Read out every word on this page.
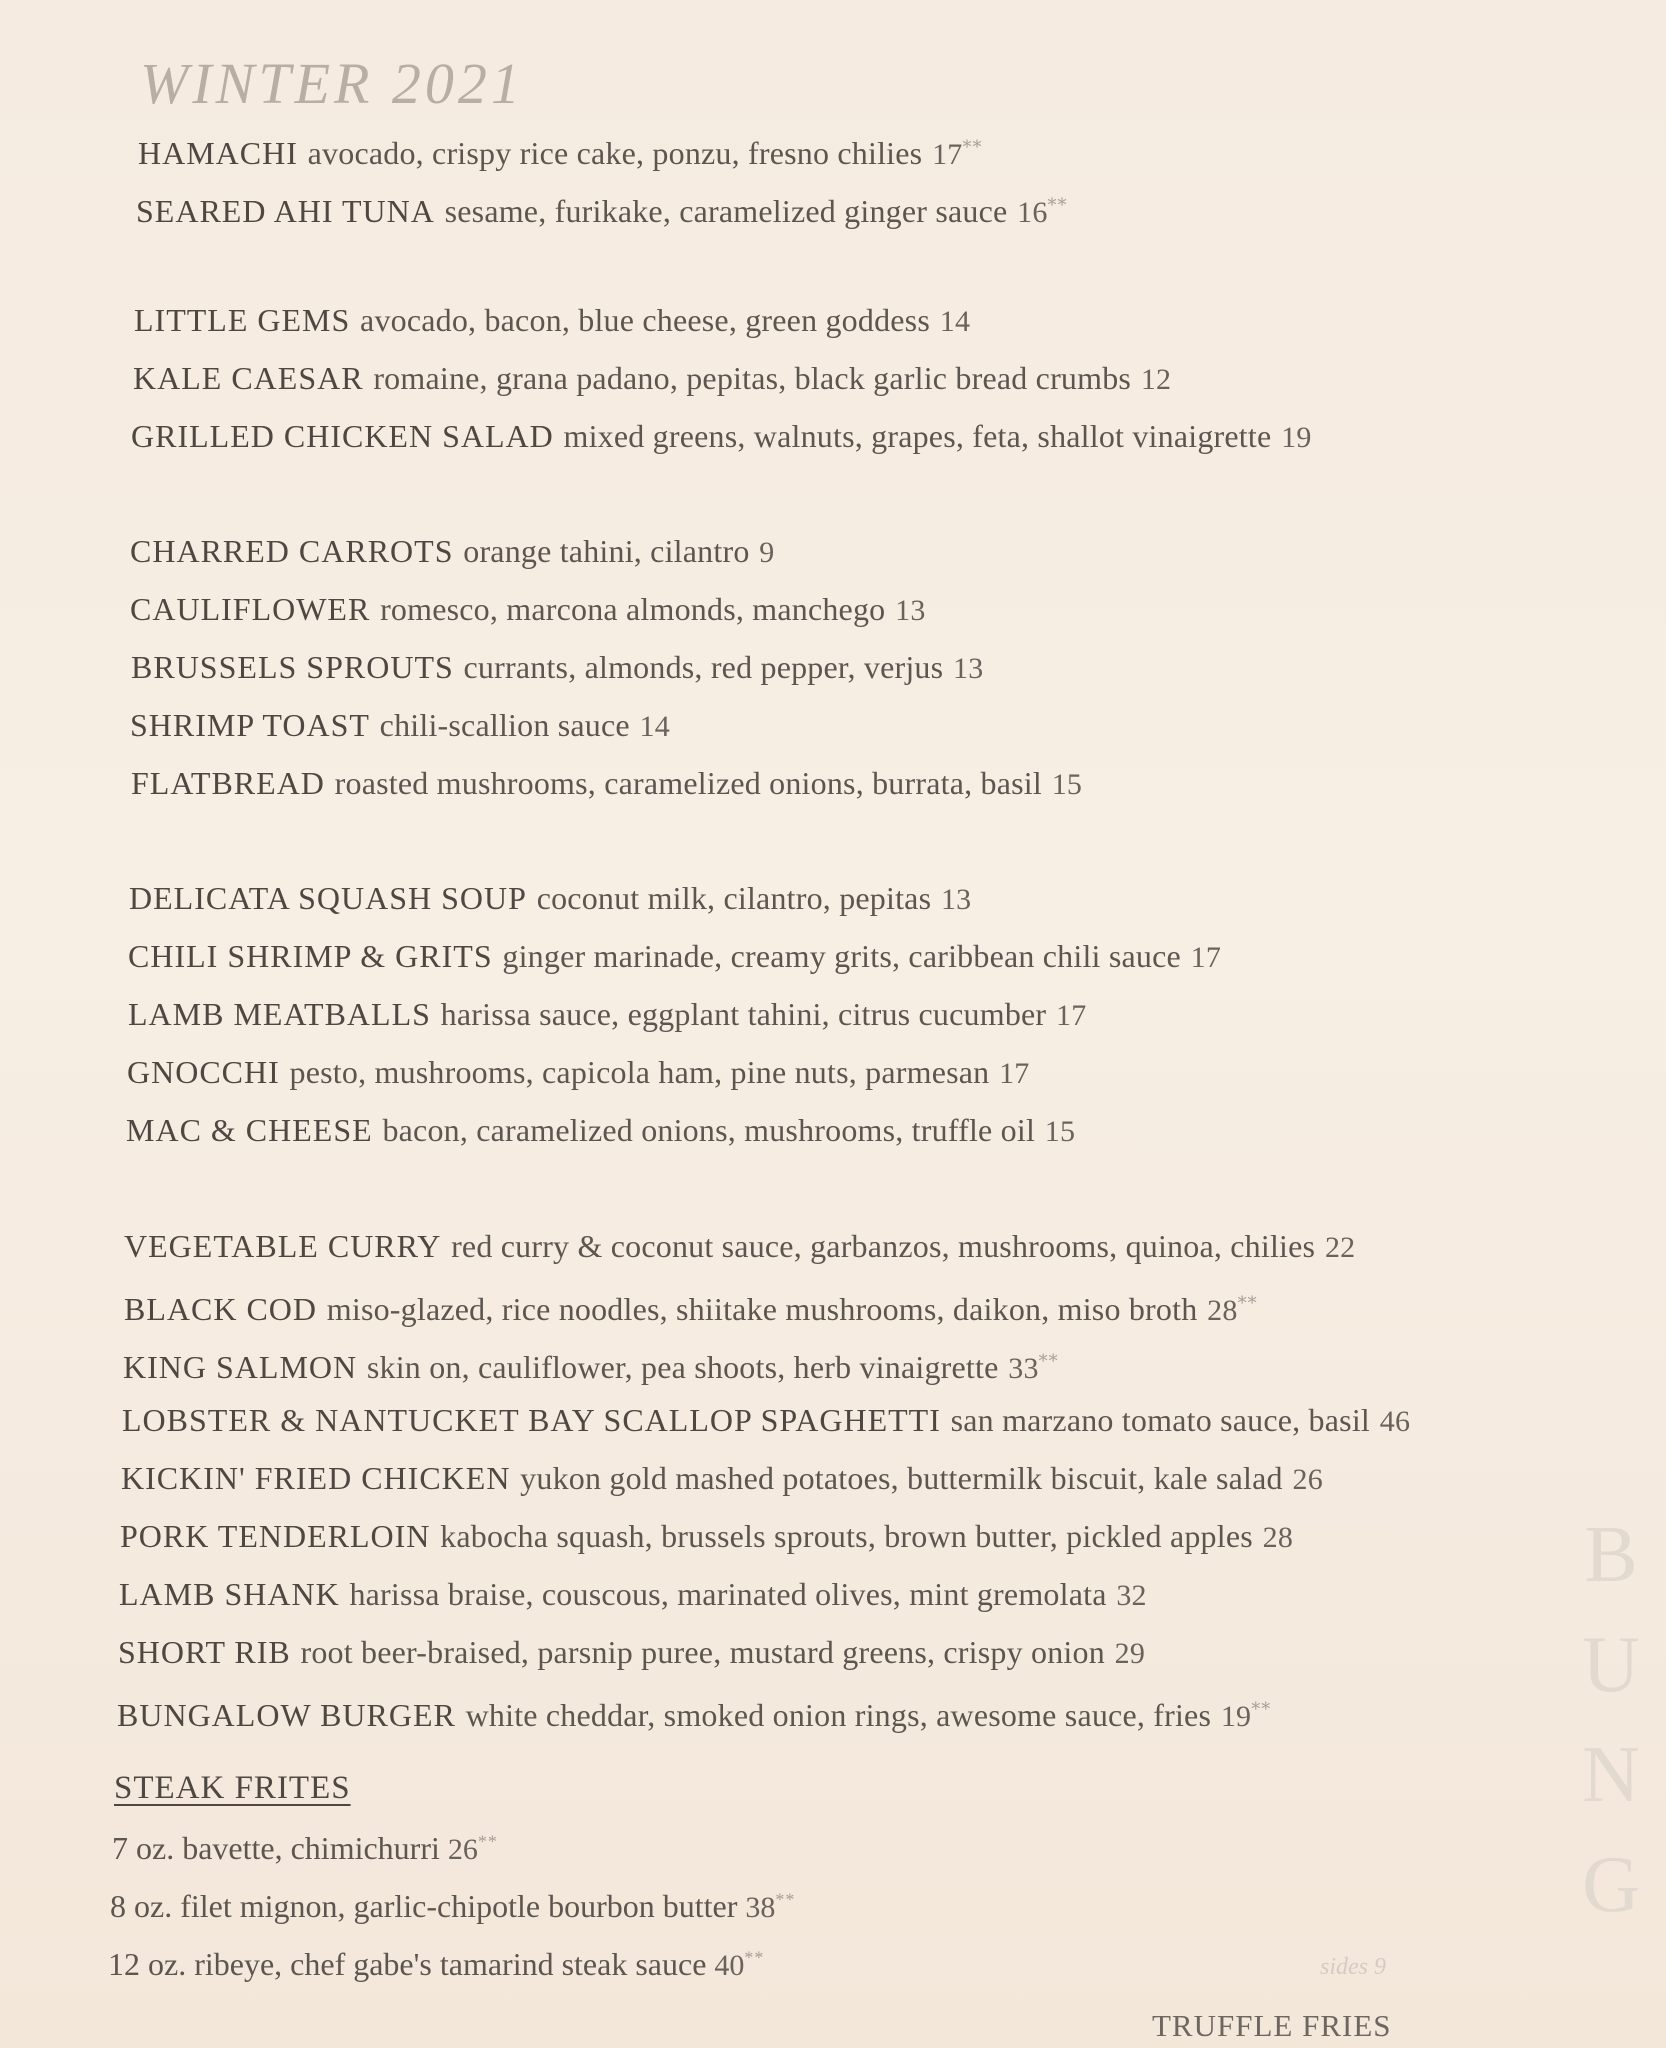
WINTER 2021
HAMACHI avocado, crispy rice cake, ponzu, fresno chilies 17**
SEARED AHI TUNA sesame, furikake, caramelized ginger sauce 16**
LITTLE GEMS avocado, bacon, blue cheese, green goddess 14
KALE CAESAR romaine, grana padano, pepitas, black garlic bread crumbs 12
GRILLED CHICKEN SALAD mixed greens, walnuts, grapes, feta, shallot vinaigrette 19
CHARRED CARROTS orange tahini, cilantro 9
CAULIFLOWER romesco, marcona almonds, manchego 13
BRUSSELS SPROUTS currants, almonds, red pepper, verjus 13
SHRIMP TOAST chili-scallion sauce 14
FLATBREAD roasted mushrooms, caramelized onions, burrata, basil 15
DELICATA SQUASH SOUP coconut milk, cilantro, pepitas 13
CHILI SHRIMP & GRITS ginger marinade, creamy grits, caribbean chili sauce 17
LAMB MEATBALLS harissa sauce, eggplant tahini, citrus cucumber 17
GNOCCHI pesto, mushrooms, capicola ham, pine nuts, parmesan 17
MAC & CHEESE bacon, caramelized onions, mushrooms, truffle oil 15
VEGETABLE CURRY red curry & coconut sauce, garbanzos, mushrooms, quinoa, chilies 22
BLACK COD miso-glazed, rice noodles, shiitake mushrooms, daikon, miso broth 28**
KING SALMON skin on, cauliflower, pea shoots, herb vinaigrette 33**
LOBSTER & NANTUCKET BAY SCALLOP SPAGHETTI san marzano tomato sauce, basil 46
KICKIN' FRIED CHICKEN yukon gold mashed potatoes, buttermilk biscuit, kale salad 26
PORK TENDERLOIN kabocha squash, brussels sprouts, brown butter, pickled apples 28
LAMB SHANK harissa braise, couscous, marinated olives, mint gremolata 32
SHORT RIB root beer-braised, parsnip puree, mustard greens, crispy onion 29
BUNGALOW BURGER white cheddar, smoked onion rings, awesome sauce, fries 19**
STEAK FRITES
7 oz. bavette, chimichurri 26**
8 oz. filet mignon, garlic-chipotle bourbon butter 38**
12 oz. ribeye, chef gabe's tamarind steak sauce 40**	sides 9
TRUFFLE FRIES
B
U
N
G
